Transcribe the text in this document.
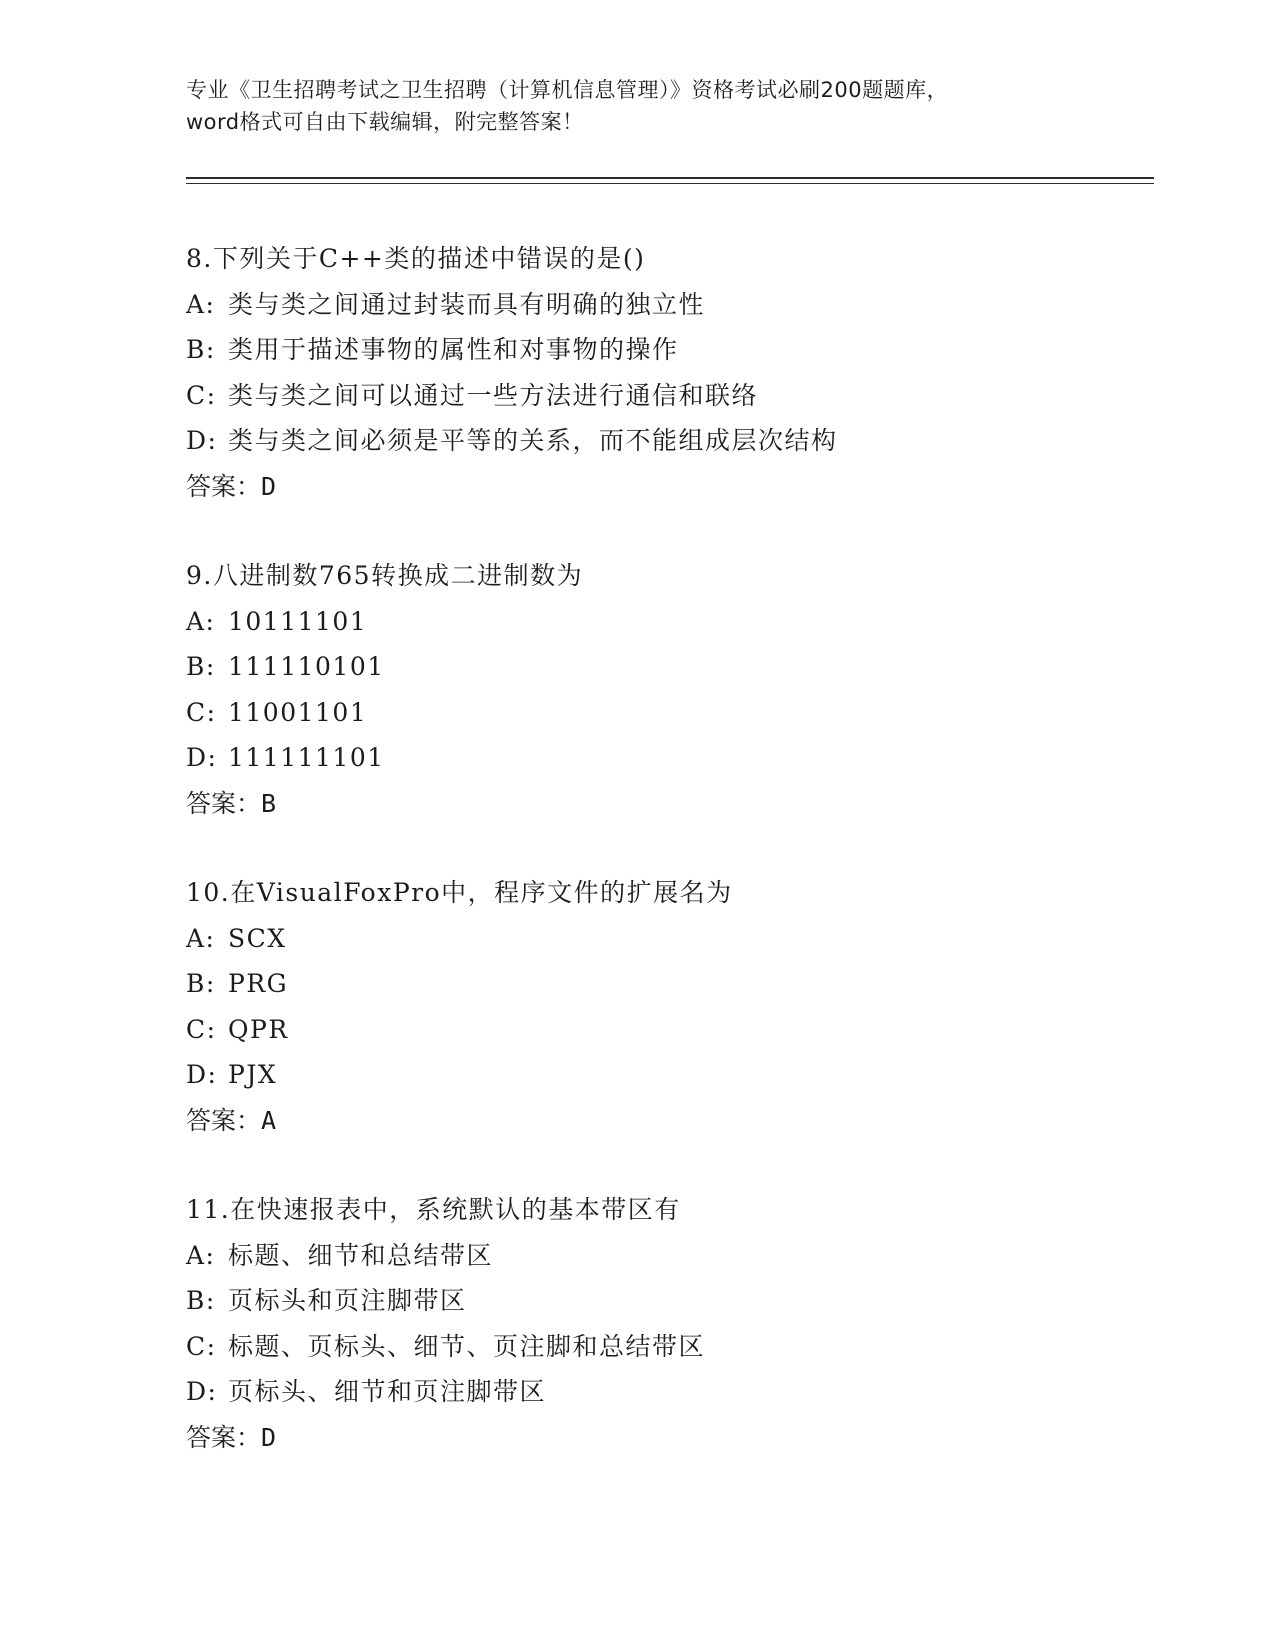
专业《卫生招聘考试之卫生招聘（计算机信息管理）》资格考试必刷200题题库，
word格式可自由下载编辑，附完整答案！
8.下列关于C++类的描述中错误的是()
A: 类与类之间通过封装而具有明确的独立性
B: 类用于描述事物的属性和对事物的操作
C: 类与类之间可以通过一些方法进行通信和联络
D: 类与类之间必须是平等的关系，而不能组成层次结构
答案：D
9.八进制数765转换成二进制数为
A: 10111101
B: 111110101
C: 11001101
D: 111111101
答案：B
10.在VisualFoxPro中，程序文件的扩展名为
A: SCX
B: PRG
C: QPR
D: PJX
答案：A
11.在快速报表中，系统默认的基本带区有
A: 标题、细节和总结带区
B: 页标头和页注脚带区
C: 标题、页标头、细节、页注脚和总结带区
D: 页标头、细节和页注脚带区
答案：D
